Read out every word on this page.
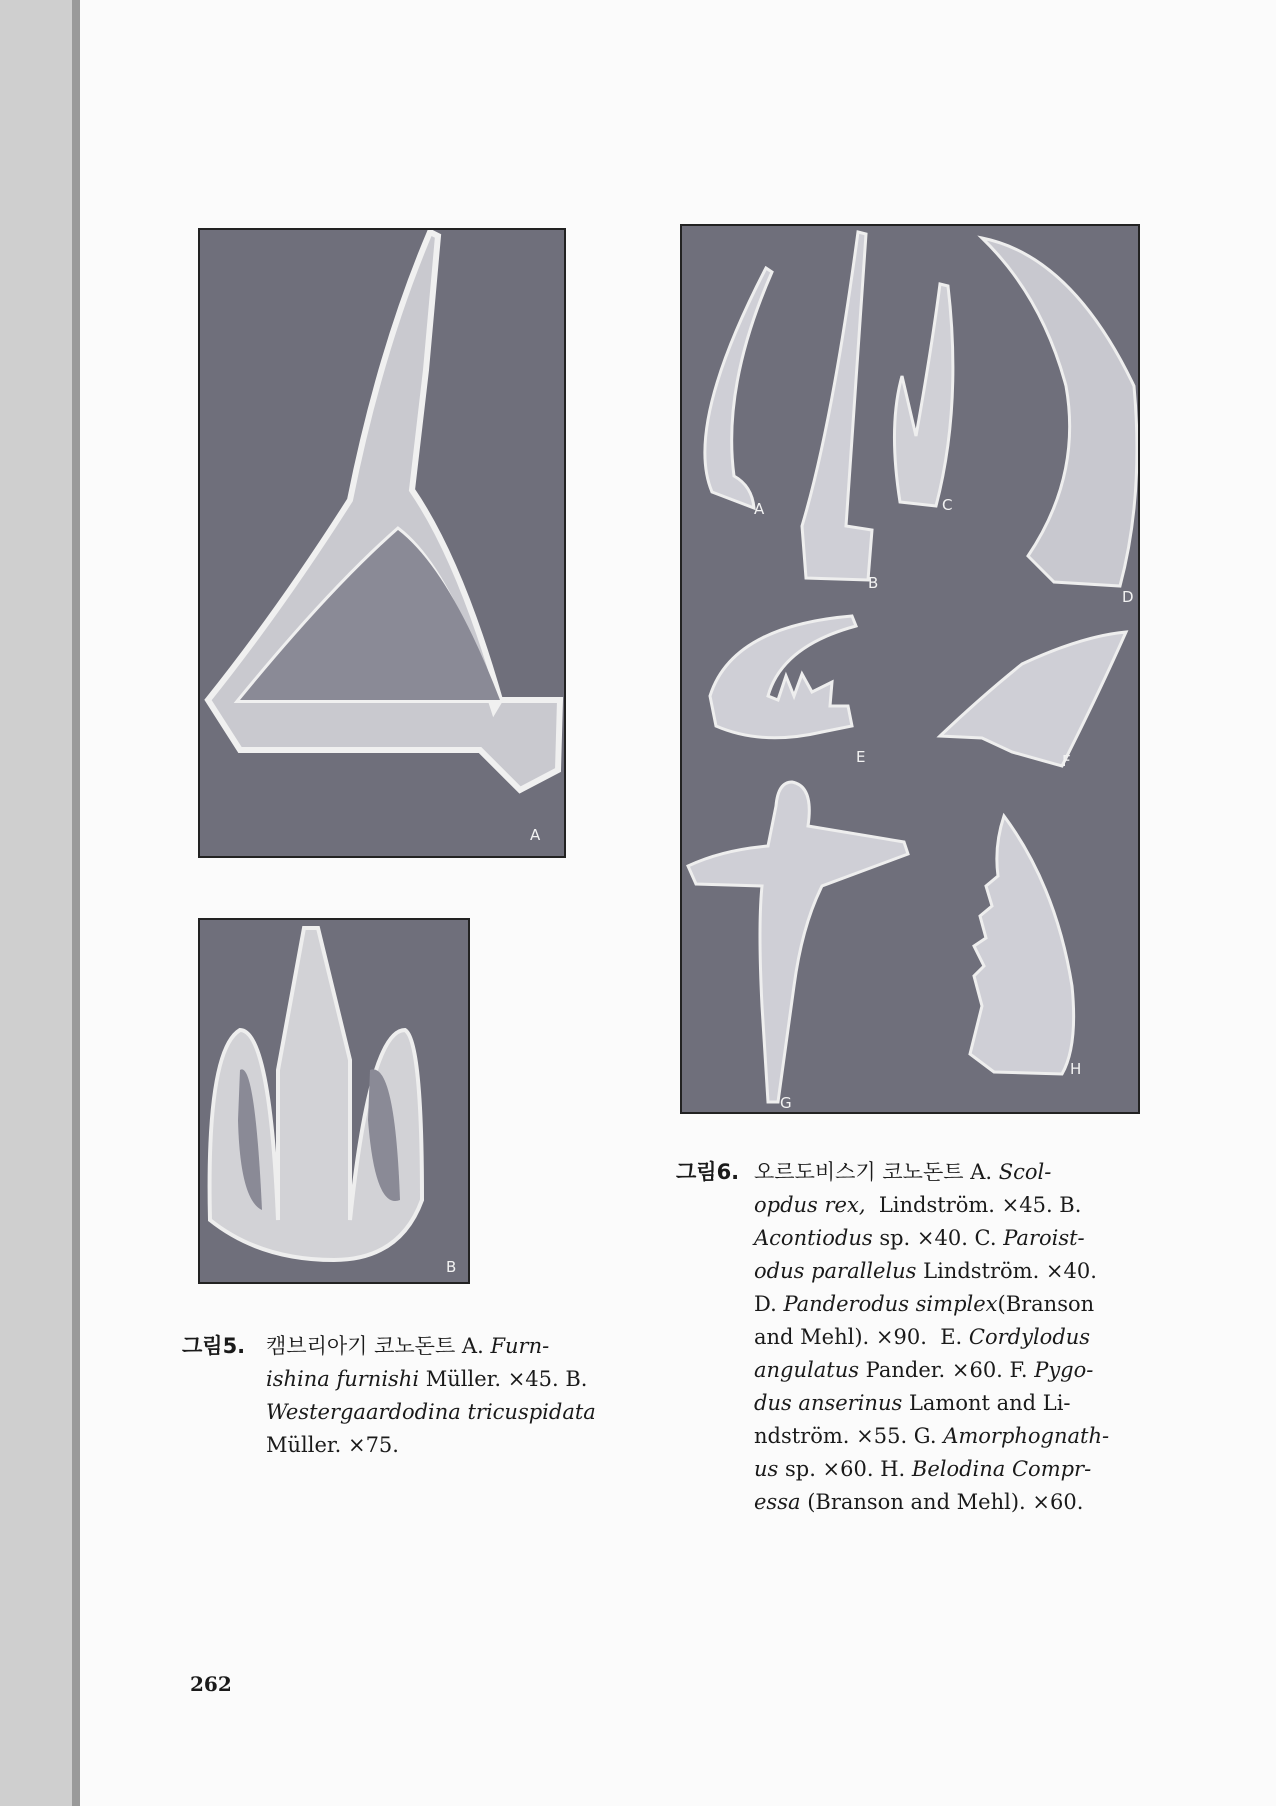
A
B
A
B
C
D
E	F
G
H
그림5. 캠브리아기 코노돈트 A. Furn-
ishina furnishi Müller. ×45. B.
Westergaardodina tricuspidata
Müller. ×75.
그림6. 오르도비스기 코노돈트 A. Scol-
opdus rex,  Lindström. ×45. B.
Acontiodus sp. ×40. C. Paroist-
odus parallelus Lindström. ×40.
D. Panderodus simplex(Branson
and Mehl). ×90.  E. Cordylodus
angulatus Pander. ×60. F. Pygo-
dus anserinus Lamont and Li-
ndström. ×55. G. Amorphognath-
us sp. ×60. H. Belodina Compr-
essa (Branson and Mehl). ×60.
262
